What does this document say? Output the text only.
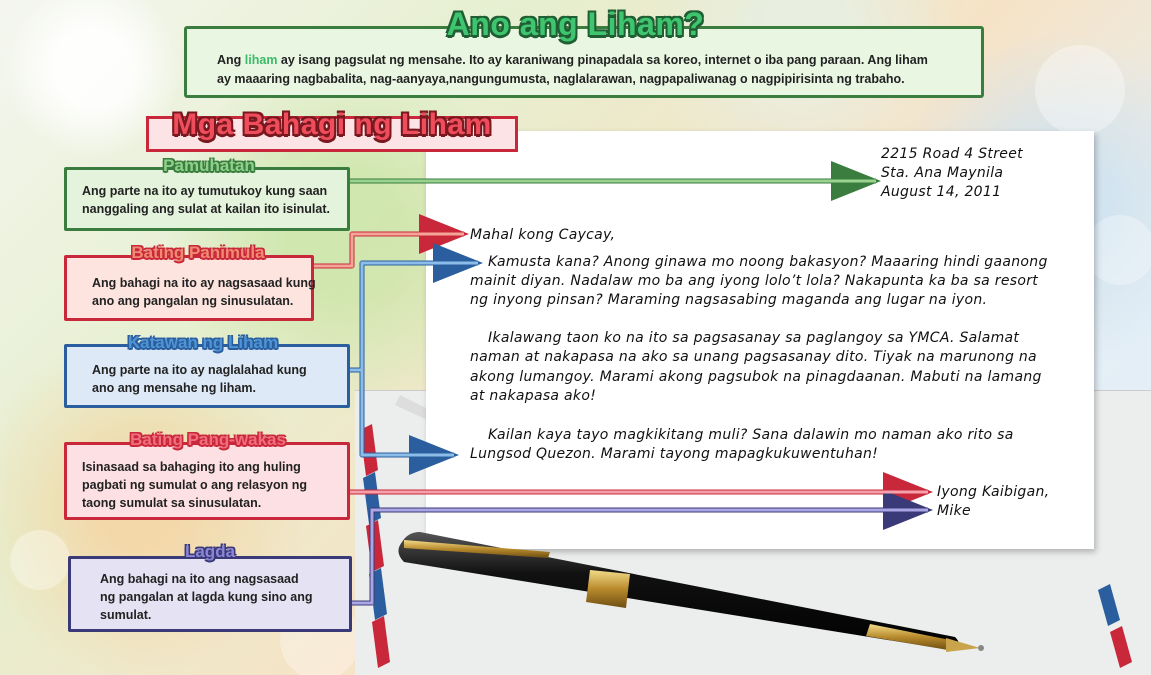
Ang liham ay isang pagsulat ng mensahe. Ito ay karaniwang pinapadala sa koreo, internet o iba pang paraan. Ang liham
ay maaaring nagbabalita, nag-aanyaya,nangungumusta, naglalarawan, nagpapaliwanag o nagpipirisinta ng trabaho.
Ano ang Liham?
Mga Bahagi ng Liham
Ang parte na ito ay tumutukoy kung saan
nanggaling ang sulat at kailan ito isinulat.
Pamuhatan
Ang bahagi na ito ay nagsasaad kung
ano ang pangalan ng sinusulatan.
Bating Panimula
Ang parte na ito ay naglalahad kung
ano ang mensahe ng liham.
Katawan ng Liham
Isinasaad sa bahaging ito ang huling
pagbati ng sumulat o ang relasyon ng
taong sumulat sa sinusulatan.
Bating Pang-wakas
Ang bahagi na ito ang nagsasaad
ng pangalan at lagda kung sino ang
sumulat.
Lagda
2215 Road 4 Street
Sta. Ana Maynila
August 14, 2011
Mahal kong Caycay,
Kamusta kana? Anong ginawa mo noong bakasyon? Maaaring hindi gaanong
mainit diyan. Nadalaw mo ba ang iyong lolo’t lola? Nakapunta ka ba sa resort
ng inyong pinsan? Maraming nagsasabing maganda ang lugar na iyon.
Ikalawang taon ko na ito sa pagsasanay sa paglangoy sa YMCA. Salamat
naman at nakapasa na ako sa unang pagsasanay dito. Tiyak na marunong na
akong lumangoy. Marami akong pagsubok na pinagdaanan. Mabuti na lamang
at nakapasa ako!
Kailan kaya tayo magkikitang muli? Sana dalawin mo naman ako rito sa
Lungsod Quezon. Marami tayong mapagkukuwentuhan!
Iyong Kaibigan,
Mike
